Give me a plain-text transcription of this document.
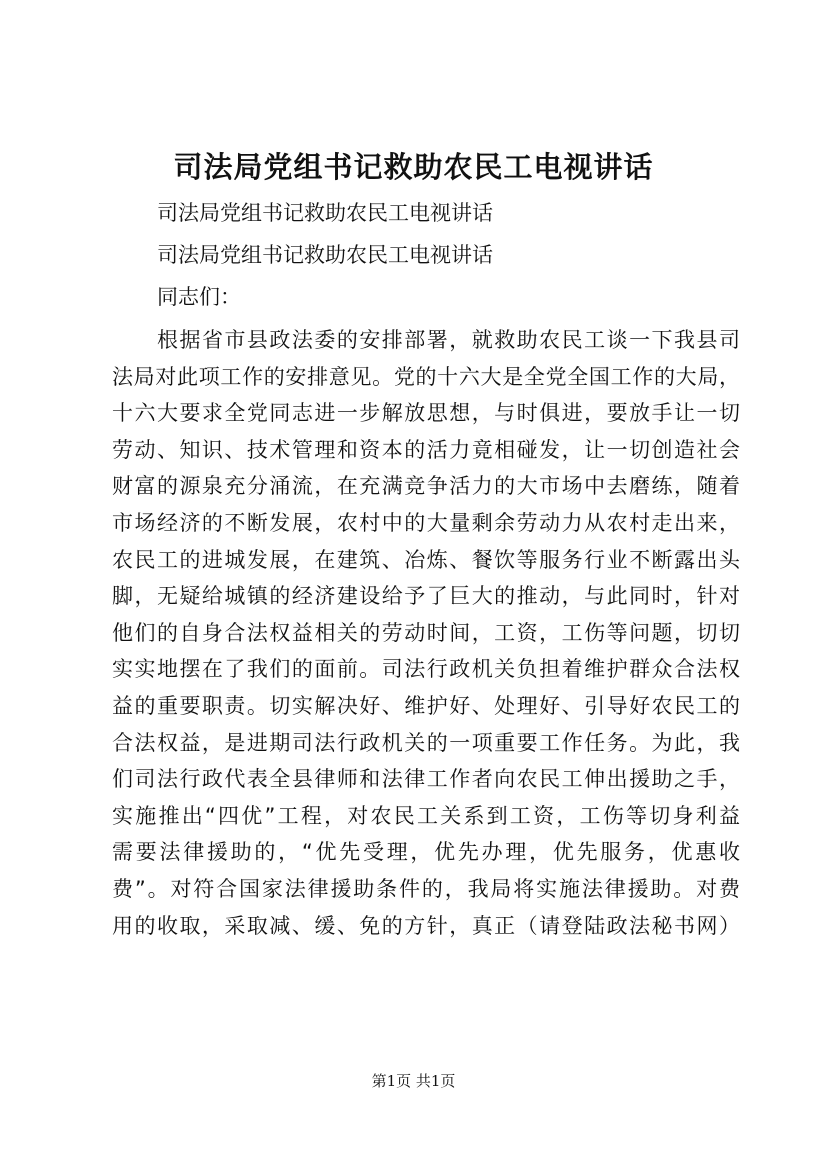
司法局党组书记救助农民工电视讲话
司法局党组书记救助农民工电视讲话
司法局党组书记救助农民工电视讲话
同志们：
根据省市县政法委的安排部署，就救助农民工谈一下我县司
法局对此项工作的安排意见。党的十六大是全党全国工作的大局，
十六大要求全党同志进一步解放思想，与时俱进，要放手让一切
劳动、知识、技术管理和资本的活力竟相碰发，让一切创造社会
财富的源泉充分涌流，在充满竞争活力的大市场中去磨练，随着
市场经济的不断发展，农村中的大量剩余劳动力从农村走出来，
农民工的进城发展，在建筑、冶炼、餐饮等服务行业不断露出头
脚，无疑给城镇的经济建设给予了巨大的推动，与此同时，针对
他们的自身合法权益相关的劳动时间，工资，工伤等问题，切切
实实地摆在了我们的面前。司法行政机关负担着维护群众合法权
益的重要职责。切实解决好、维护好、处理好、引导好农民工的
合法权益，是进期司法行政机关的一项重要工作任务。为此，我
们司法行政代表全县律师和法律工作者向农民工伸出援助之手，
实施推出“四优”工程，对农民工关系到工资，工伤等切身利益
需要法律援助的，“优先受理，优先办理，优先服务，优惠收
费”。对符合国家法律援助条件的，我局将实施法律援助。对费
用的收取，采取减、缓、免的方针，真正（请登陆政法秘书网）
第1页 共1页
